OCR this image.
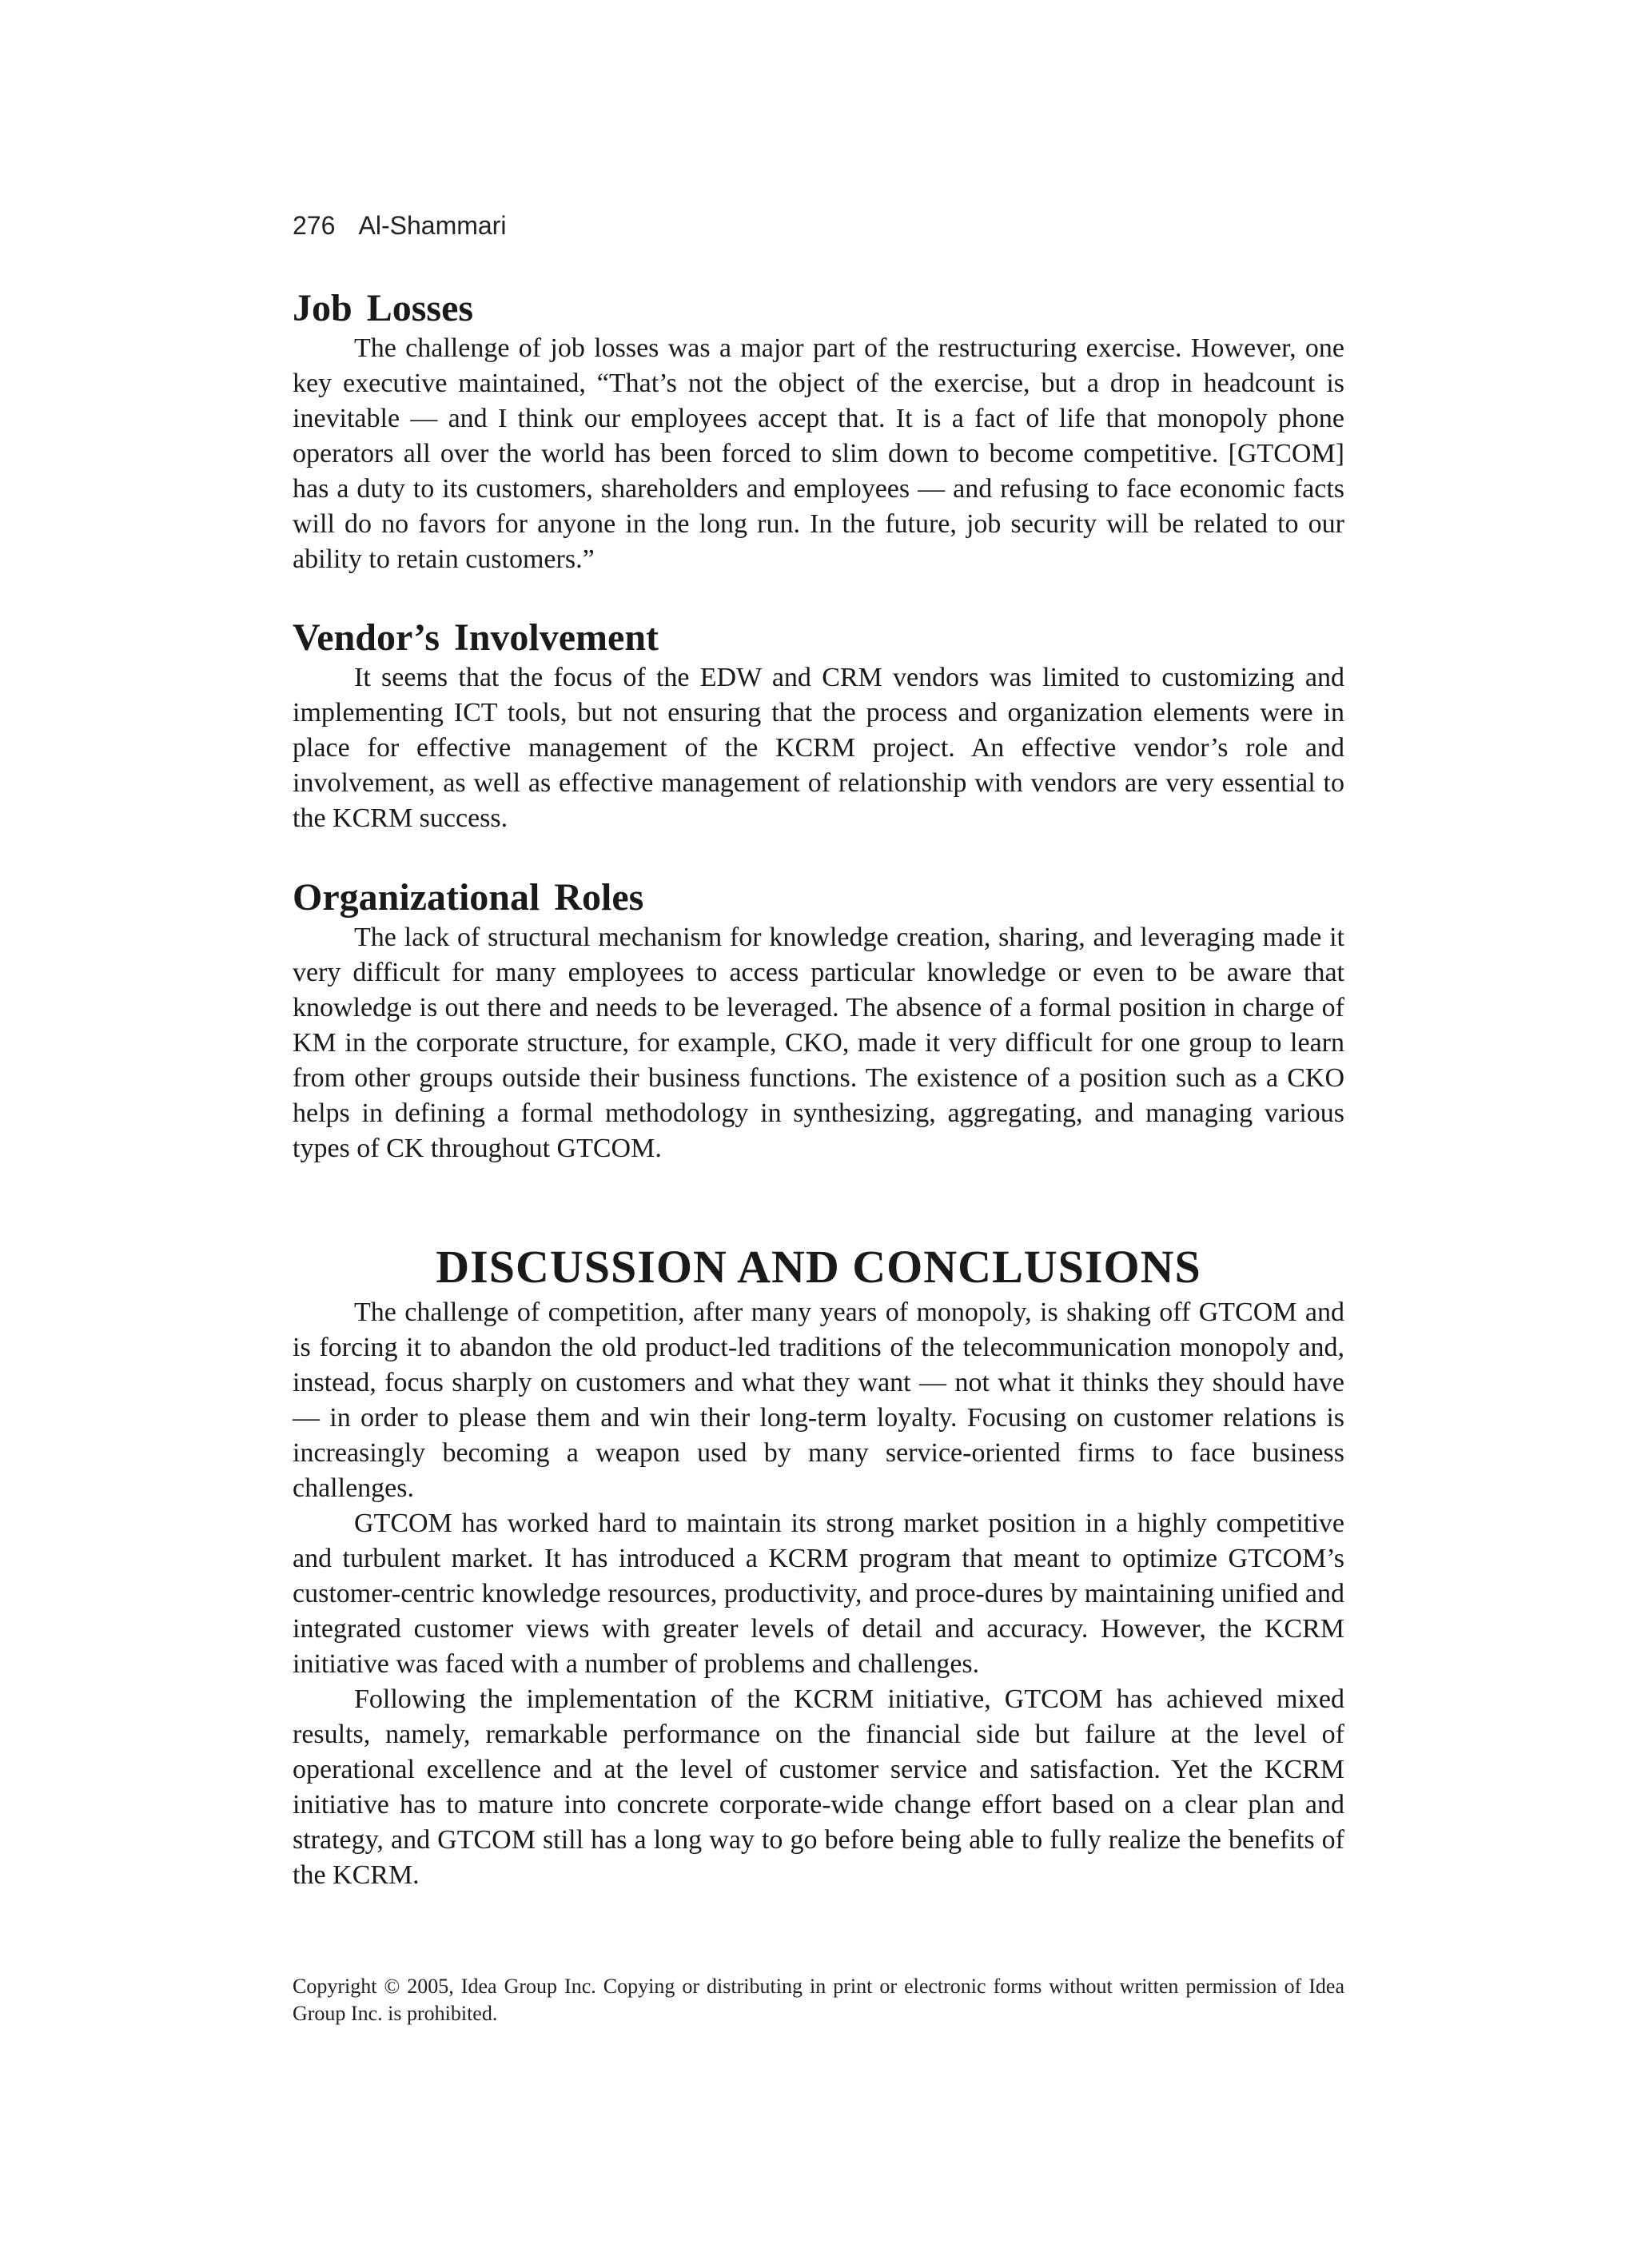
276 Al-Shammari
Job Losses

The challenge of job losses was a major part of the restructuring exercise. However, one key executive maintained, “That’s not the object of the exercise, but a drop in headcount is inevitable — and I think our employees accept that. It is a fact of life that monopoly phone operators all over the world has been forced to slim down to become competitive. [GTCOM] has a duty to its customers, shareholders and employees — and refusing to face economic facts will do no favors for anyone in the long run. In the future, job security will be related to our ability to retain customers.”

Vendor’s Involvement

It seems that the focus of the EDW and CRM vendors was limited to customizing and implementing ICT tools, but not ensuring that the process and organization elements were in place for effective management of the KCRM project. An effective vendor’s role and involvement, as well as effective management of relationship with vendors are very essential to the KCRM success.

Organizational Roles

The lack of structural mechanism for knowledge creation, sharing, and leveraging made it very difficult for many employees to access particular knowledge or even to be aware that knowledge is out there and needs to be leveraged. The absence of a formal position in charge of KM in the corporate structure, for example, CKO, made it very difficult for one group to learn from other groups outside their business functions. The existence of a position such as a CKO helps in defining a formal methodology in synthesizing, aggregating, and managing various types of CK throughout GTCOM.

DISCUSSION AND CONCLUSIONS

The challenge of competition, after many years of monopoly, is shaking off GTCOM and is forcing it to abandon the old product-led traditions of the telecommunication monopoly and, instead, focus sharply on customers and what they want — not what it thinks they should have — in order to please them and win their long-term loyalty. Focusing on customer relations is increasingly becoming a weapon used by many service-oriented firms to face business challenges.

GTCOM has worked hard to maintain its strong market position in a highly competitive and turbulent market. It has introduced a KCRM program that meant to optimize GTCOM’s customer-centric knowledge resources, productivity, and proce-dures by maintaining unified and integrated customer views with greater levels of detail and accuracy. However, the KCRM initiative was faced with a number of problems and challenges.

Following the implementation of the KCRM initiative, GTCOM has achieved mixed results, namely, remarkable performance on the financial side but failure at the level of operational excellence and at the level of customer service and satisfaction. Yet the KCRM initiative has to mature into concrete corporate-wide change effort based on a clear plan and strategy, and GTCOM still has a long way to go before being able to fully realize the benefits of the KCRM.

Copyright © 2005, Idea Group Inc. Copying or distributing in print or electronic forms without written permission of Idea Group Inc. is prohibited.
